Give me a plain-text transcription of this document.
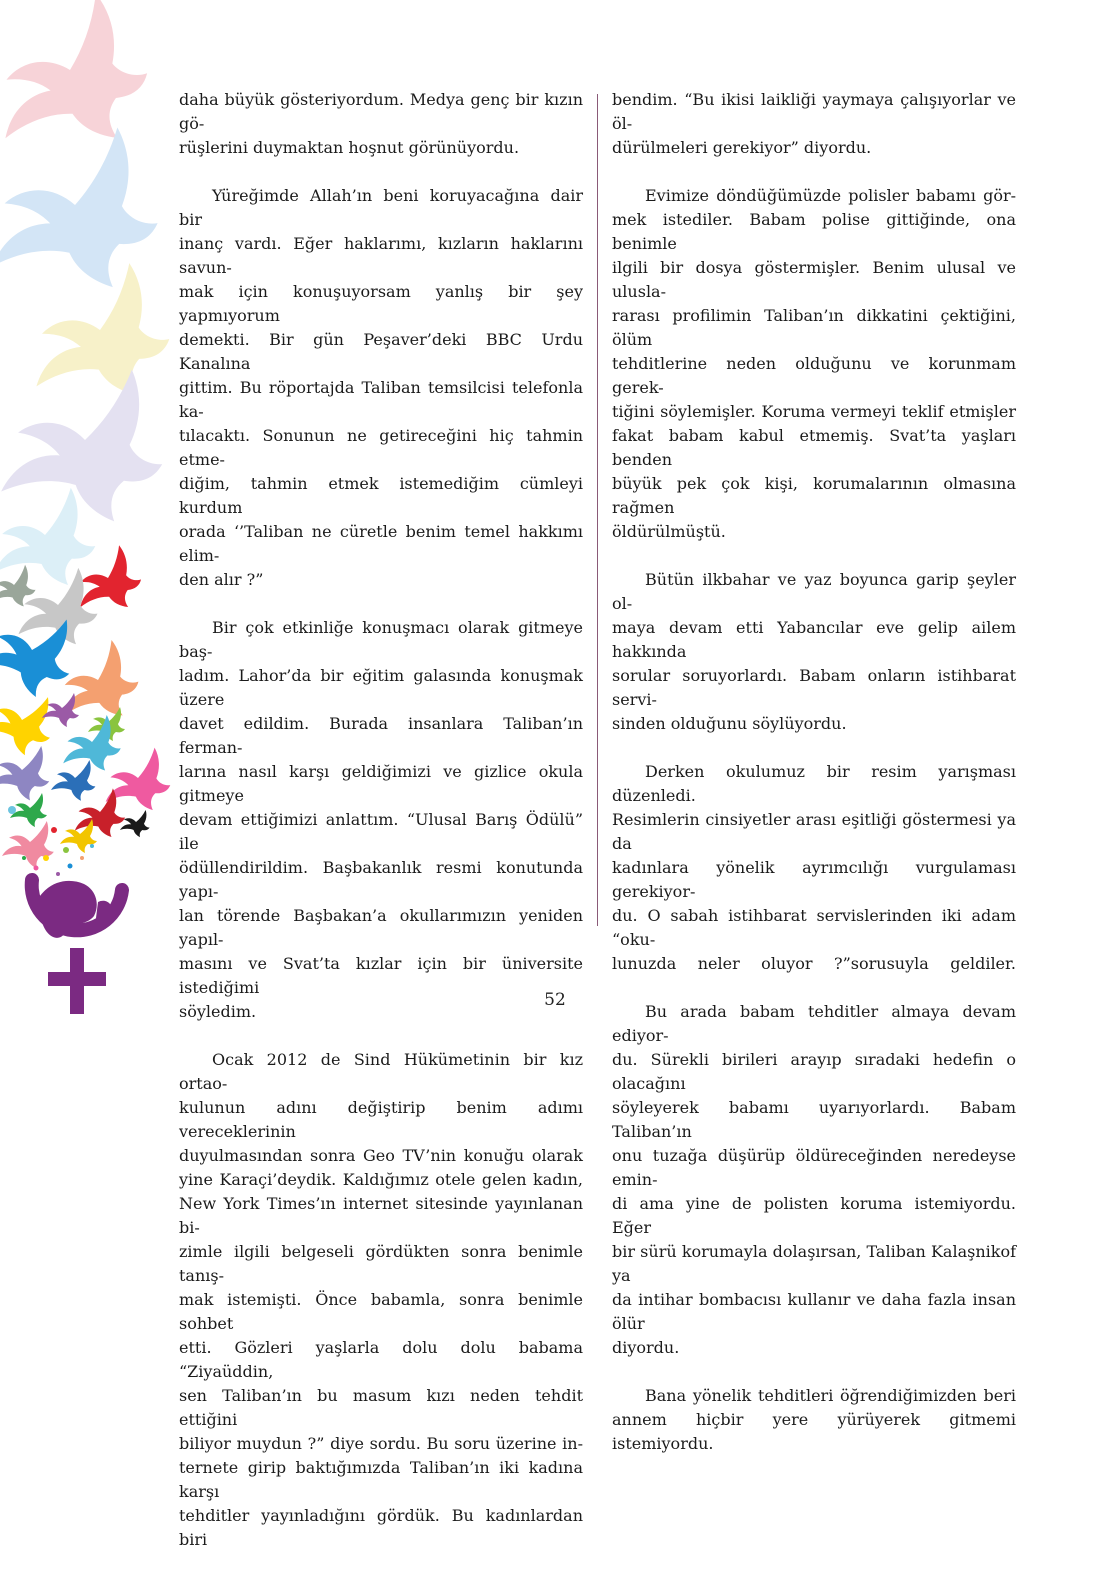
daha büyük gösteriyordum. Medya genç bir kızın gö-
rüşlerini duymaktan hoşnut görünüyordu.
Yüreğimde Allah’ın beni koruyacağına dair bir
inanç vardı. Eğer haklarımı, kızların haklarını savun-
mak için konuşuyorsam yanlış bir şey yapmıyorum
demekti. Bir gün Peşaver’deki BBC Urdu Kanalına
gittim. Bu röportajda Taliban temsilcisi telefonla ka-
tılacaktı. Sonunun ne getireceğini hiç tahmin etme-
diğim, tahmin etmek istemediğim cümleyi kurdum
orada ‘’Taliban ne cüretle benim temel hakkımı elim-
den alır ?”
Bir çok etkinliğe konuşmacı olarak gitmeye baş-
ladım. Lahor’da bir eğitim galasında konuşmak üzere
davet edildim. Burada insanlara Taliban’ın ferman-
larına nasıl karşı geldiğimizi ve gizlice okula gitmeye
devam ettiğimizi anlattım. “Ulusal Barış Ödülü” ile
ödüllendirildim. Başbakanlık resmi konutunda yapı-
lan törende Başbakan’a okullarımızın yeniden yapıl-
masını ve Svat’ta kızlar için bir üniversite istediğimi
söyledim.
Ocak 2012 de Sind Hükümetinin bir kız ortao-
kulunun adını değiştirip benim adımı vereceklerinin
duyulmasından sonra Geo TV’nin konuğu olarak
yine Karaçi’deydik. Kaldığımız otele gelen kadın,
New York Times’ın internet sitesinde yayınlanan bi-
zimle ilgili belgeseli gördükten sonra benimle tanış-
mak istemişti. Önce babamla, sonra benimle sohbet
etti. Gözleri yaşlarla dolu dolu babama “Ziyaüddin,
sen Taliban’ın bu masum kızı neden tehdit ettiğini
biliyor muydun ?” diye sordu. Bu soru üzerine in-
ternete girip baktığımızda Taliban’ın iki kadına karşı
tehditler yayınladığını gördük. Bu kadınlardan biri
bendim. “Bu ikisi laikliği yaymaya çalışıyorlar ve öl-
dürülmeleri gerekiyor” diyordu.
Evimize döndüğümüzde polisler babamı gör-
mek istediler. Babam polise gittiğinde, ona benimle
ilgili bir dosya göstermişler. Benim ulusal ve ulusla-
rarası profilimin Taliban’ın dikkatini çektiğini, ölüm
tehditlerine neden olduğunu ve korunmam gerek-
tiğini söylemişler. Koruma vermeyi teklif etmişler
fakat babam kabul etmemiş. Svat’ta yaşları benden
büyük pek çok kişi, korumalarının olmasına rağmen
öldürülmüştü.
Bütün ilkbahar ve yaz boyunca garip şeyler ol-
maya devam etti Yabancılar eve gelip ailem hakkında
sorular soruyorlardı. Babam onların istihbarat servi-
sinden olduğunu söylüyordu.
Derken okulumuz bir resim yarışması düzenledi.
Resimlerin cinsiyetler arası eşitliği göstermesi ya da
kadınlara yönelik ayrımcılığı vurgulaması gerekiyor-
du. O sabah istihbarat servislerinden iki adam “oku-
lunuzda neler oluyor ?”sorusuyla geldiler.
Bu arada babam tehditler almaya devam ediyor-
du. Sürekli birileri arayıp sıradaki hedefin o olacağını
söyleyerek babamı uyarıyorlardı. Babam Taliban’ın
onu tuzağa düşürüp öldüreceğinden neredeyse emin-
di ama yine de polisten koruma istemiyordu. Eğer
bir sürü korumayla dolaşırsan, Taliban Kalaşnikof ya
da intihar bombacısı kullanır ve daha fazla insan ölür
diyordu.
Bana yönelik tehditleri öğrendiğimizden beri
annem hiçbir yere yürüyerek gitmemi istemiyordu.
52
